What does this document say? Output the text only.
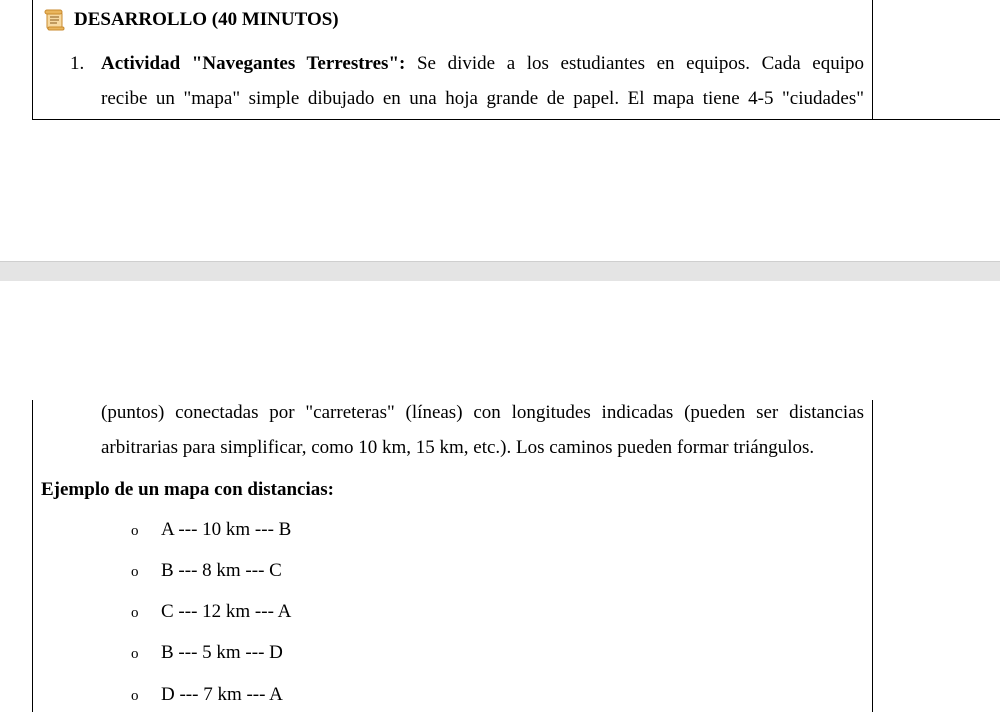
DESARROLLO (40 MINUTOS)
1. Actividad "Navegantes Terrestres": Se divide a los estudiantes en equipos. Cada equipo
recibe un "mapa" simple dibujado en una hoja grande de papel. El mapa tiene 4-5 "ciudades"
(puntos) conectadas por "carreteras" (líneas) con longitudes indicadas (pueden ser distancias
arbitrarias para simplificar, como 10 km, 15 km, etc.). Los caminos pueden formar triángulos.
Ejemplo de un mapa con distancias:
o A --- 10 km --- B
o B --- 8 km --- C
o C --- 12 km --- A
o B --- 5 km --- D
o D --- 7 km --- A
